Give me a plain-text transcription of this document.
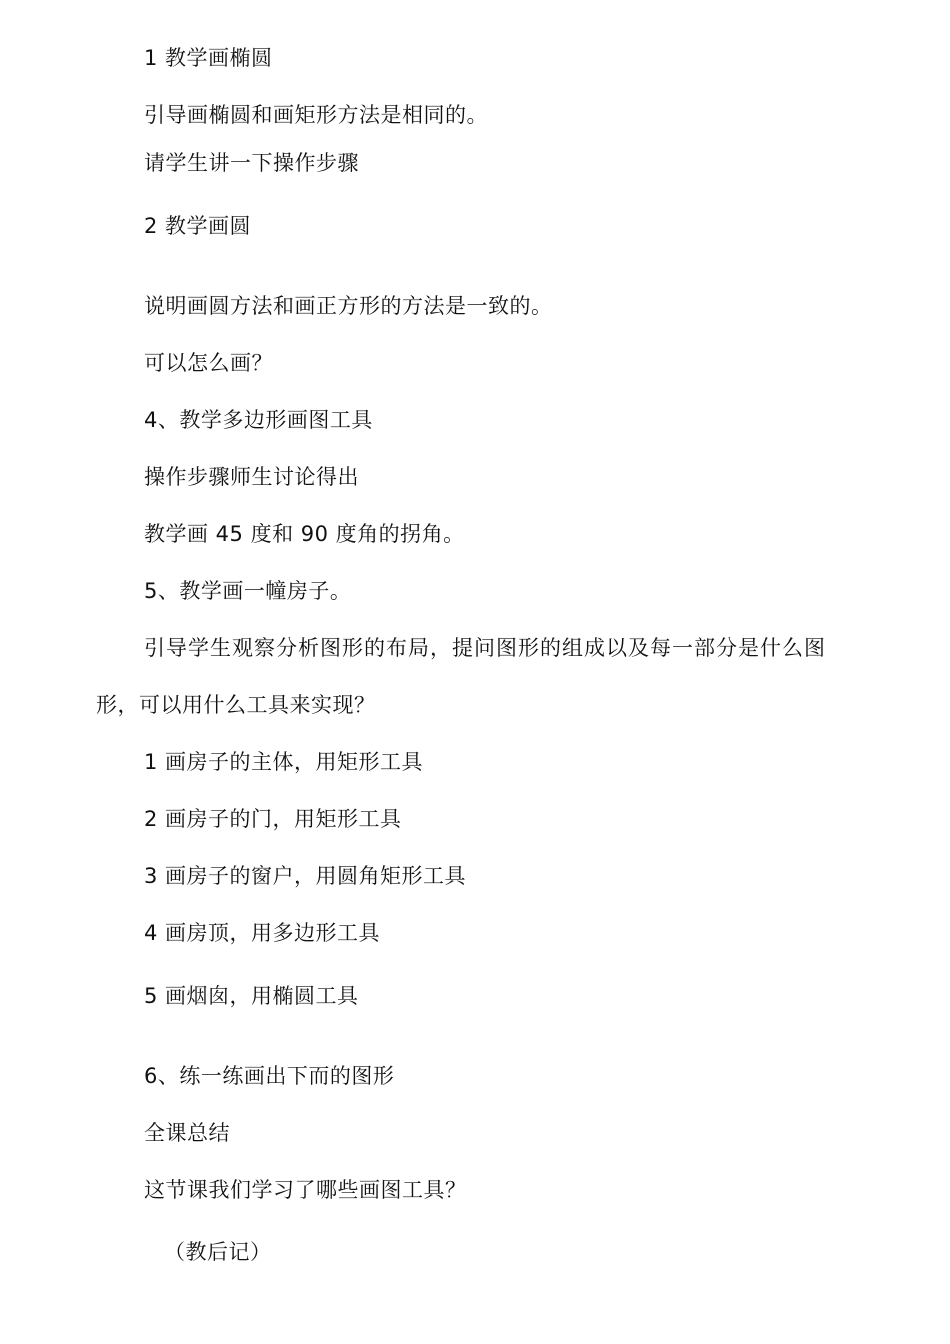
1 教学画椭圆
引导画椭圆和画矩形方法是相同的。
请学生讲一下操作步骤
2 教学画圆
说明画圆方法和画正方形的方法是一致的。
可以怎么画？
4、教学多边形画图工具
操作步骤师生讨论得出
教学画 45 度和 90 度角的拐角。
5、教学画一幢房子。
引导学生观察分析图形的布局，提问图形的组成以及每一部分是什么图
形，可以用什么工具来实现？
1 画房子的主体，用矩形工具
2 画房子的门，用矩形工具
3 画房子的窗户，用圆角矩形工具
4 画房顶，用多边形工具
5 画烟囱，用椭圆工具
6、练一练画出下而的图形
全课总结
这节课我们学习了哪些画图工具？
（教后记）
